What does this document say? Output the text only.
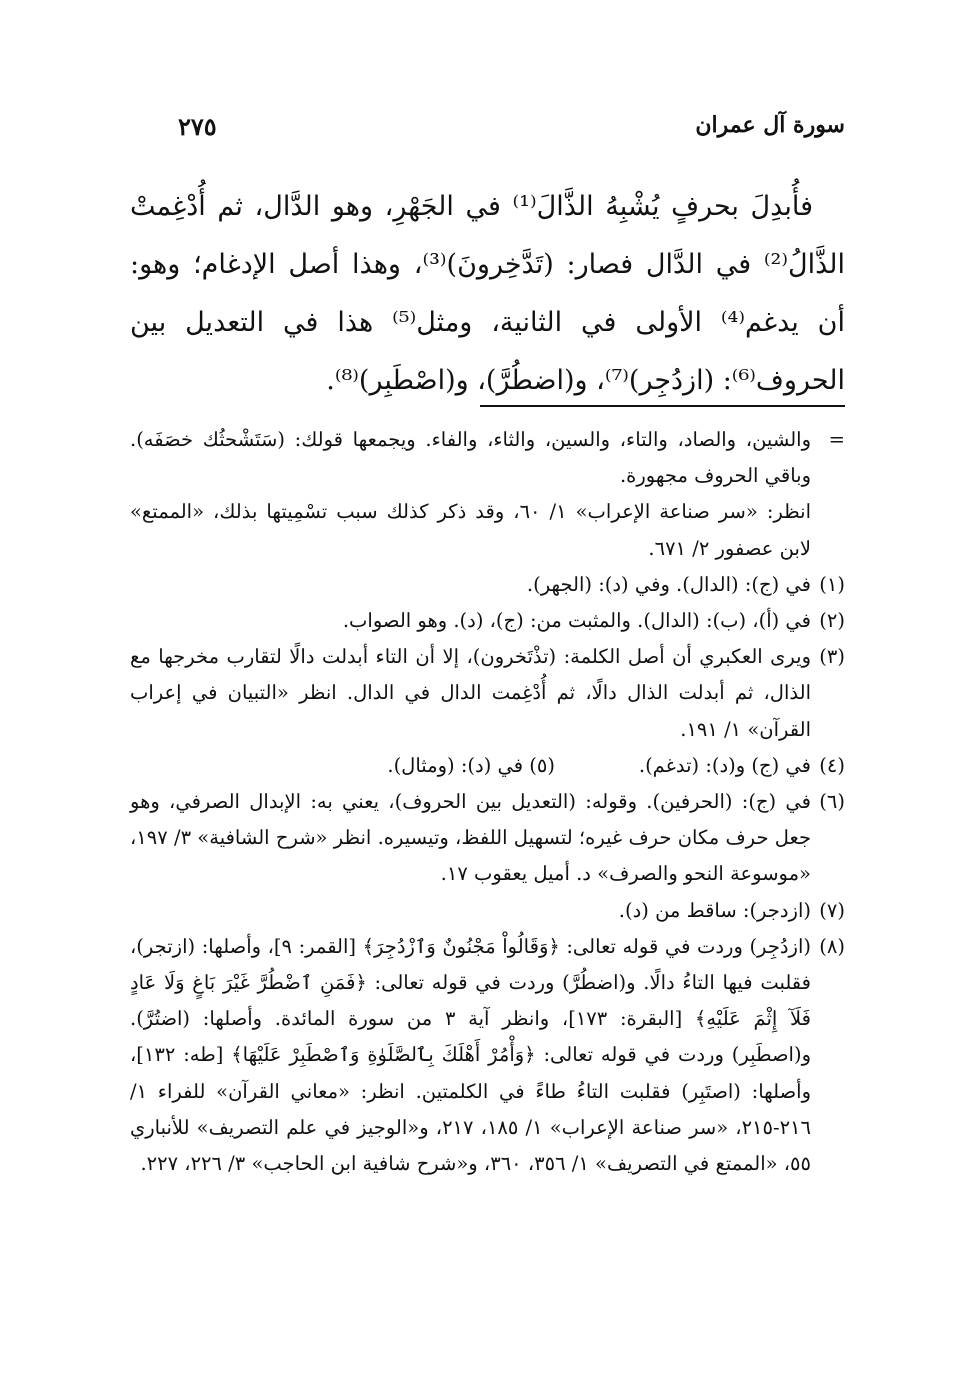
سورة آل عمران
٢٧٥

فأُبدِلَ بحرفٍ يُشْبِهُ الذَّالَ⁽¹⁾ في الجَهْرِ، وهو الدَّال، ثم أُدْغِمتْ الذَّالُ⁽²⁾ في الدَّال فصار: (تَدَّخِرونَ)⁽³⁾، وهذا أصل الإدغام؛ وهو: أن يدغم⁽⁴⁾ الأولى في الثانية، ومثل⁽⁵⁾ هذا في التعديل بين الحروف⁽⁶⁾: (ازدُجِر)⁽⁷⁾، و(اضطُرَّ)، و(اصْطَبِر)⁽⁸⁾.

=
والشين، والصاد، والتاء، والسين، والثاء، والفاء. ويجمعها قولك: (سَتَشْحثُك خصَفَه). وباقي الحروف مجهورة.
انظر: «سر صناعة الإعراب» ١/ ٦٠، وقد ذكر كذلك سبب تسْمِيتها بذلك، «الممتع» لابن عصفور ٢/ ٦٧١.
(١)
في (ج): (الدال). وفي (د): (الجهر).
(٢)
في (أ)، (ب): (الدال). والمثبت من: (ج)، (د). وهو الصواب.
(٣)
ويرى العكبري أن أصل الكلمة: (تذْتَخرون)، إلا أن التاء أبدلت دالًا لتقارب مخرجها مع الذال، ثم أبدلت الذال دالًا، ثم أُدْغِمت الدال في الدال. انظر «التبيان في إعراب القرآن» ١/ ١٩١.
(٤)
في (ج) و(د): (تدغم).
(٥) في (د): (ومثال).
(٦)
في (ج): (الحرفين). وقوله: (التعديل بين الحروف)، يعني به: الإبدال الصرفي، وهو جعل حرف مكان حرف غيره؛ لتسهيل اللفظ، وتيسيره. انظر «شرح الشافية» ٣/ ١٩٧، «موسوعة النحو والصرف» د. أميل يعقوب ١٧.
(٧)
(ازدجر): ساقط من (د).
(٨)
(ازدُجِر) وردت في قوله تعالى: ﴿وَقَالُواْ مَجْنُونٌ وَٱزْدُجِرَ﴾ [القمر: ٩]، وأصلها: (ازتجر)، فقلبت فيها التاءُ دالًا. و(اضطُرَّ) وردت في قوله تعالى: ﴿فَمَنِ ٱضْطُرَّ غَيْرَ بَاغٍ وَلَا عَادٍ فَلَآ إِثْمَ عَلَيْهِ﴾ [البقرة: ١٧٣]، وانظر آية ٣ من سورة المائدة. وأصلها: (اضتُرَّ). و(اصطَبِر) وردت في قوله تعالى: ﴿وَأْمُرْ أَهْلَكَ بِٱلصَّلَوٰةِ وَٱصْطَبِرْ عَلَيْهَا﴾ [طه: ١٣٢]، وأصلها: (اصتَبِر) فقلبت التاءُ طاءً في الكلمتين. انظر: «معاني القرآن» للفراء ١/ ٢١٦-٢١٥، «سر صناعة الإعراب» ١/ ١٨٥، ٢١٧، و«الوجيز في علم التصريف» للأنباري ٥٥، «الممتع في التصريف» ١/ ٣٥٦، ٣٦٠، و«شرح شافية ابن الحاجب» ٣/ ٢٢٦، ٢٢٧.
